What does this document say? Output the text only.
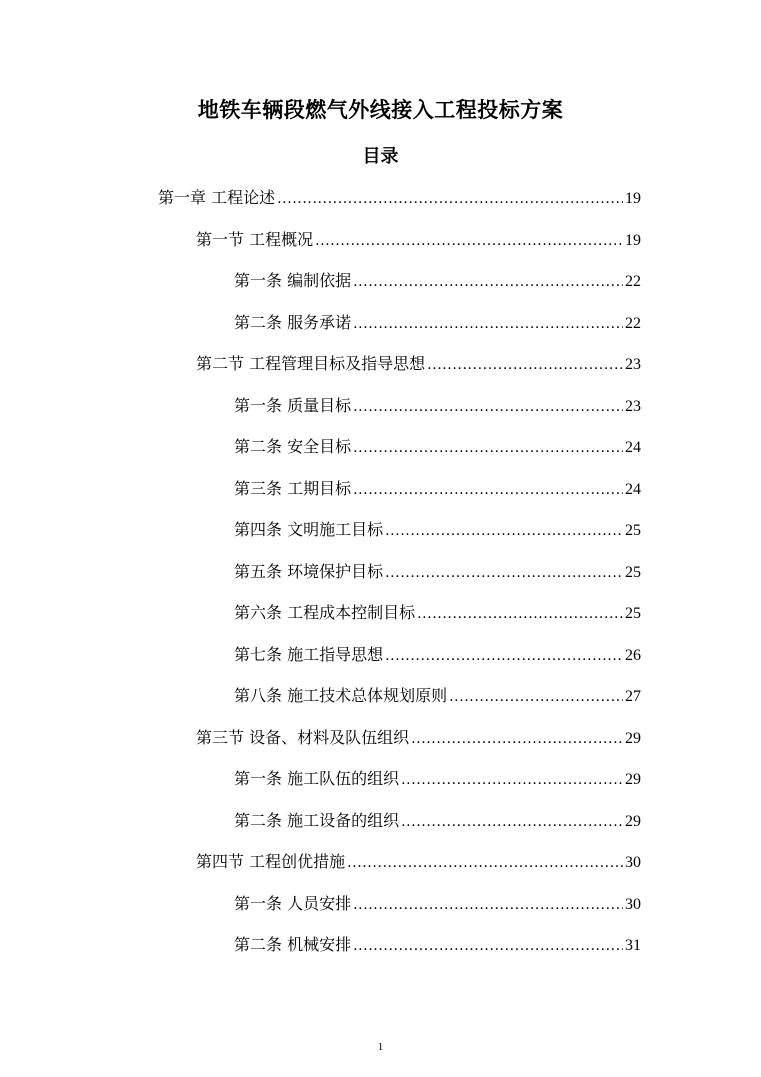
地铁车辆段燃气外线接入工程投标方案
目录
第一章 工程论述 .....	19
第一节 工程概况 .....	19
第一条 编制依据 .....	22
第二条 服务承诺 .....	22
第二节 工程管理目标及指导思想 .....	23
第一条 质量目标 .....	23
第二条 安全目标 .....	24
第三条 工期目标 .....	24
第四条 文明施工目标 .....	25
第五条 环境保护目标 .....	25
第六条 工程成本控制目标 .....	25
第七条 施工指导思想 .....	26
第八条 施工技术总体规划原则 .....	27
第三节 设备、材料及队伍组织 .....	29
第一条 施工队伍的组织 .....	29
第二条 施工设备的组织 .....	29
第四节 工程创优措施 .....	30
第一条 人员安排 .....	30
第二条 机械安排 .....	31
1
